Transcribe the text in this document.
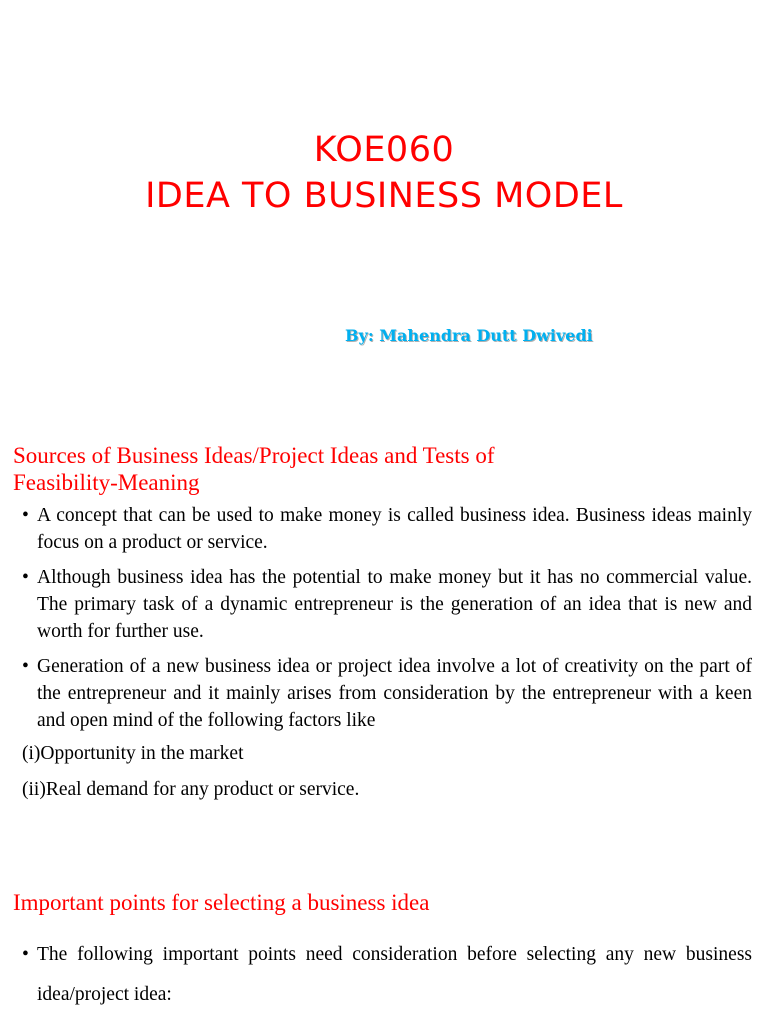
KOE060
IDEA TO BUSINESS MODEL
By: Mahendra Dutt Dwivedi
Sources of Business Ideas/Project Ideas and Tests of
Feasibility-Meaning
• A concept that can be used to make money is called business idea. Business ideas mainly focus on a product or service.
• Although business idea has the potential to make money but it has no commercial value. The primary task of a dynamic entrepreneur is the generation of an idea that is new and worth for further use.
• Generation of a new business idea or project idea involve a lot of creativity on the part of the entrepreneur and it mainly arises from consideration by the entrepreneur with a keen and open mind of the following factors like
(i)Opportunity in the market
(ii)Real demand for any product or service.
Important points for selecting a business idea
• The following important points need consideration before selecting any new business idea/project idea:
